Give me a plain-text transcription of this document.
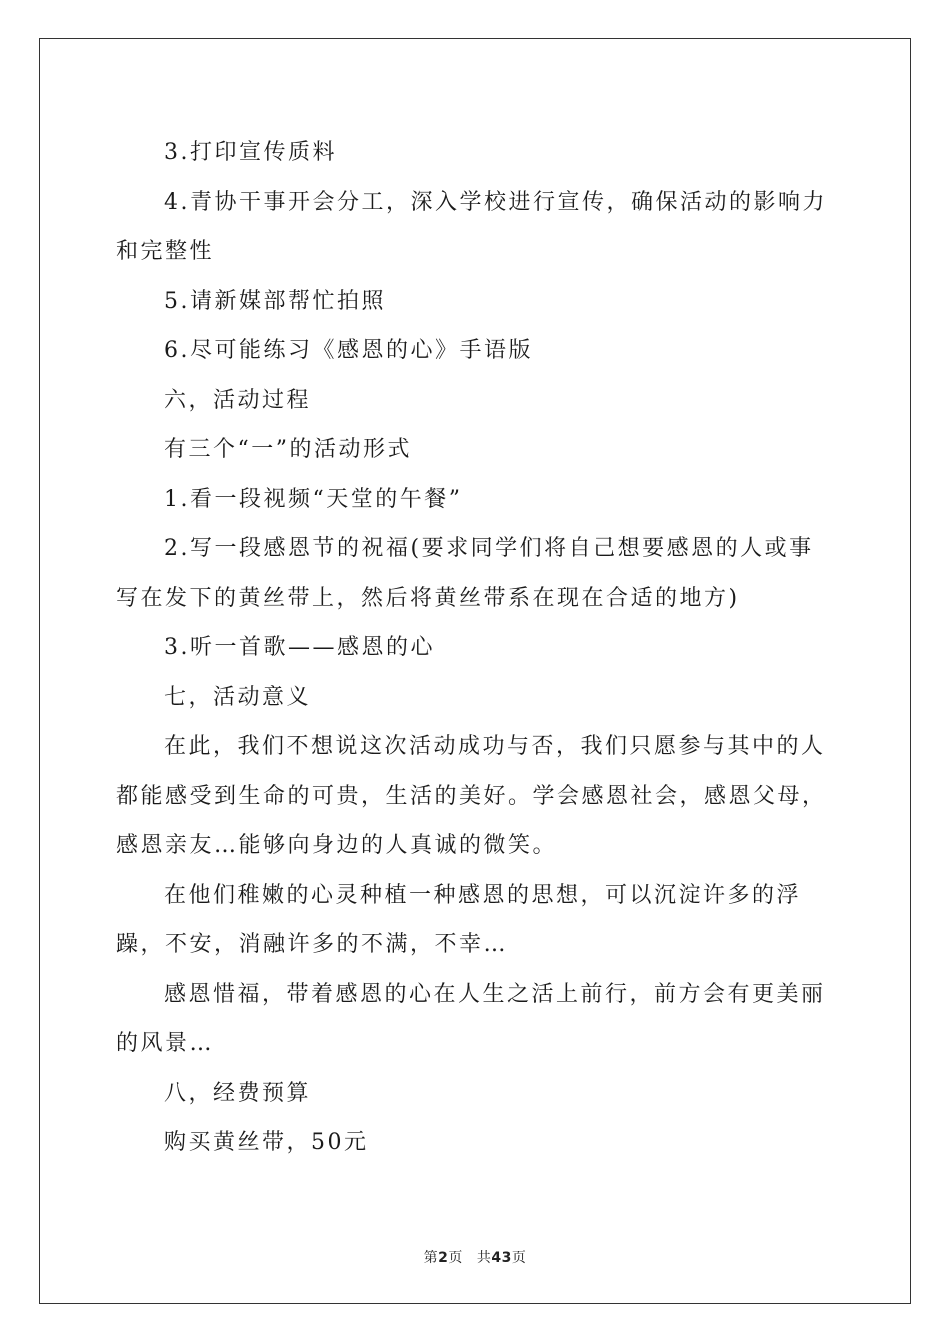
3.打印宣传质料

4.青协干事开会分工，深入学校进行宣传，确保活动的影响力和完整性

5.请新媒部帮忙拍照

6.尽可能练习《感恩的心》手语版

六，活动过程

有三个“一”的活动形式

1.看一段视频“天堂的午餐”

2.写一段感恩节的祝福(要求同学们将自己想要感恩的人或事写在发下的黄丝带上，然后将黄丝带系在现在合适的地方)

3.听一首歌——感恩的心

七，活动意义

在此，我们不想说这次活动成功与否，我们只愿参与其中的人都能感受到生命的可贵，生活的美好。学会感恩社会，感恩父母，感恩亲友…能够向身边的人真诚的微笑。

在他们稚嫩的心灵种植一种感恩的思想，可以沉淀许多的浮躁，不安，消融许多的不满，不幸…

感恩惜福，带着感恩的心在人生之活上前行，前方会有更美丽的风景…

八，经费预算

购买黄丝带，50元

第2页 共43页
